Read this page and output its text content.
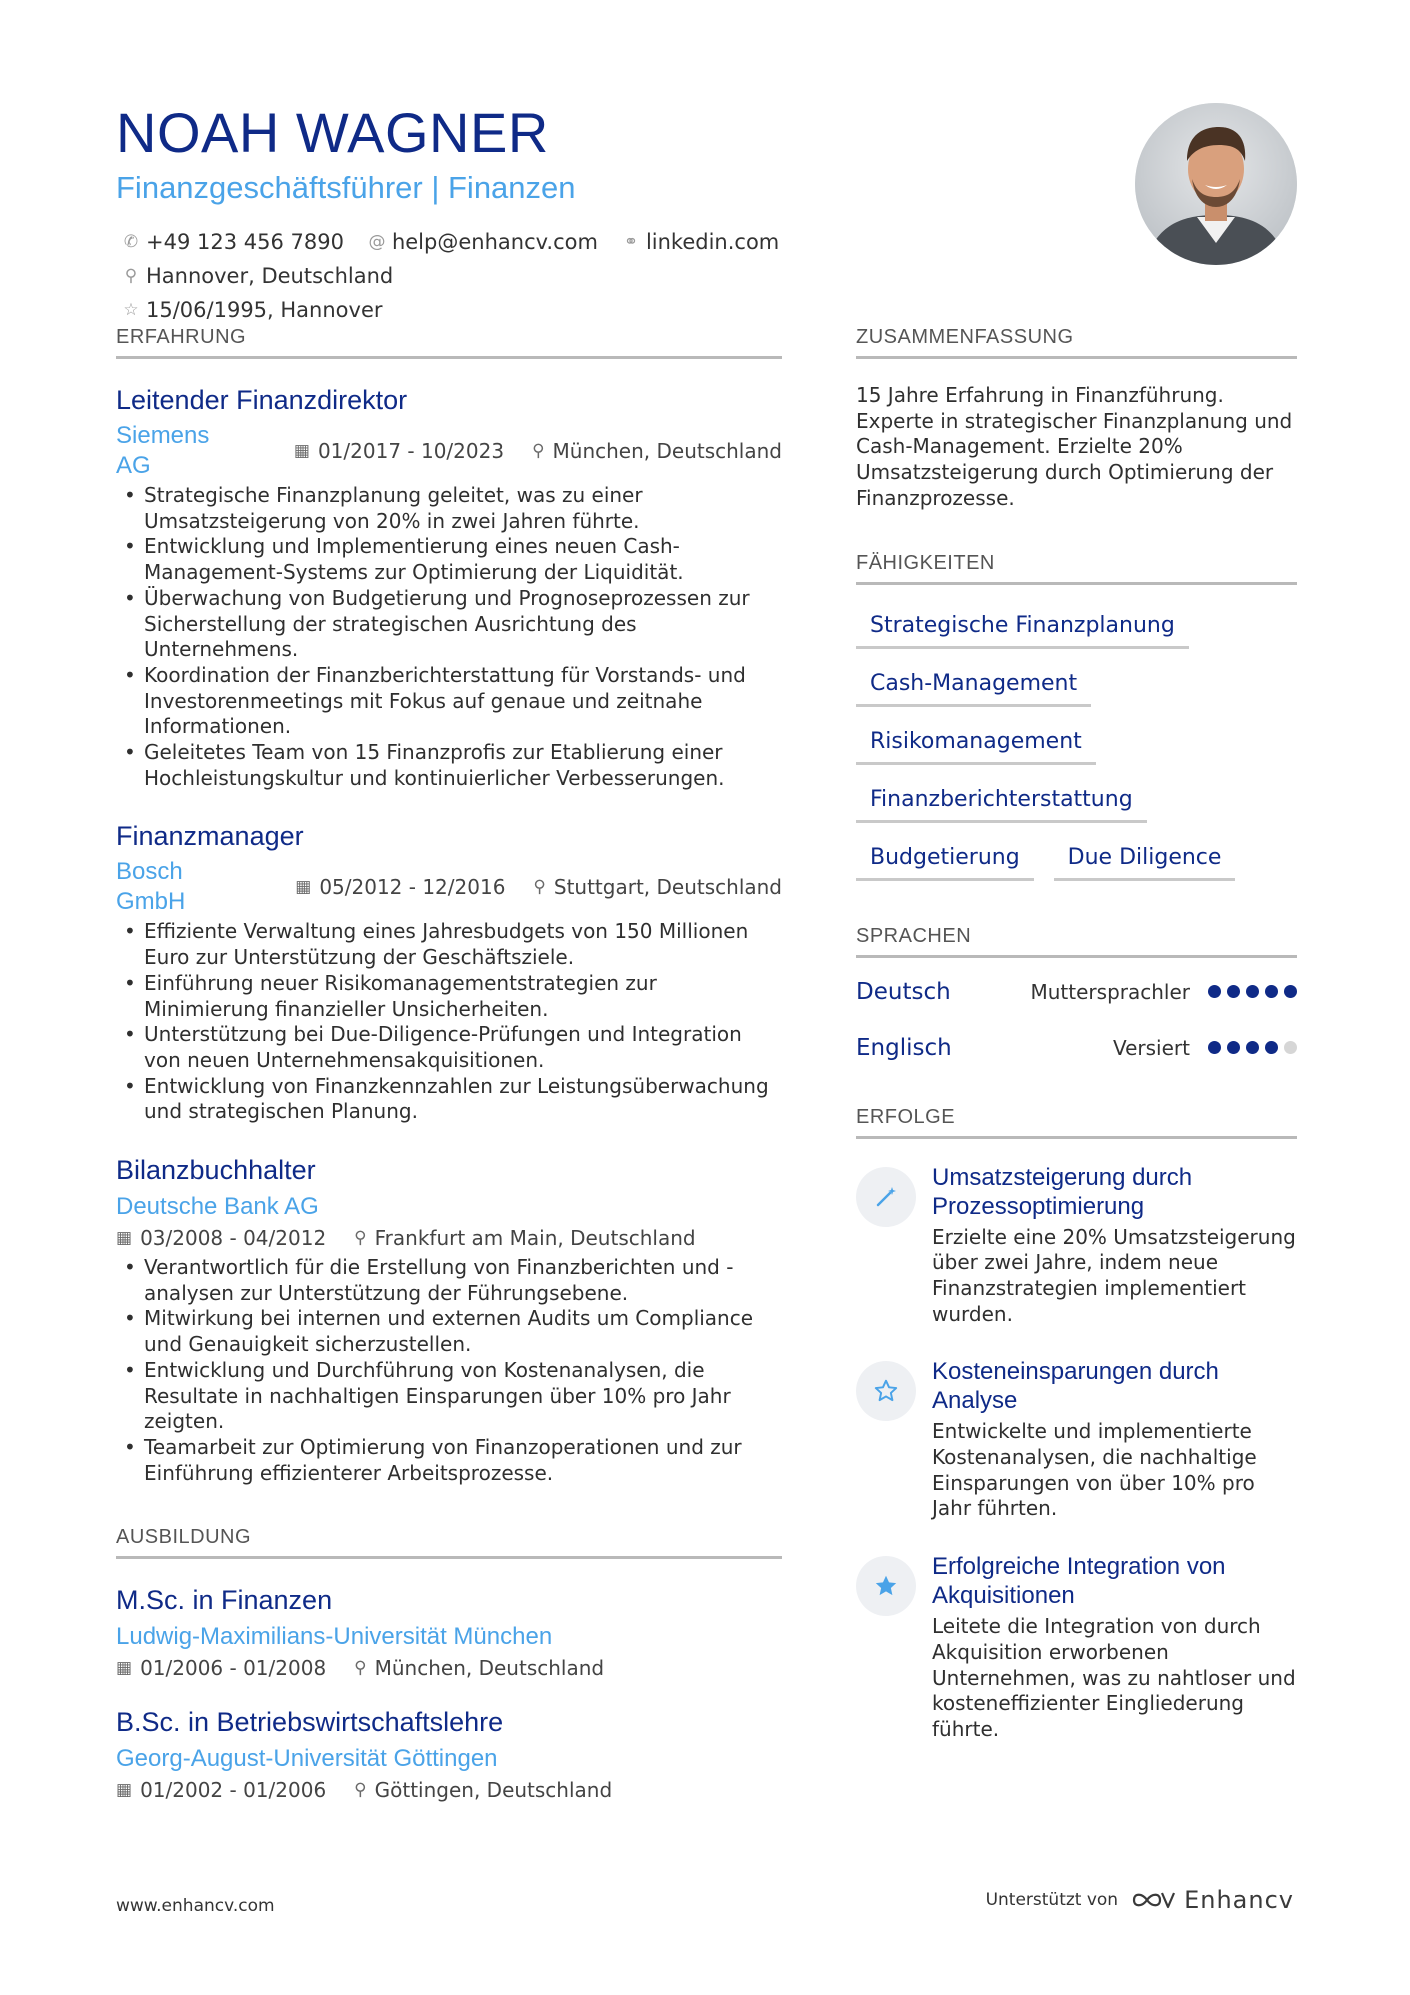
NOAH WAGNER
Finanzgeschäftsführer | Finanzen
✆ +49 123 456 7890 @ help@enhancv.com ⚭ linkedin.com
⚲ Hannover, Deutschland

☆ 15/06/1995, Hannover
ERFAHRUNG
Leitender Finanzdirektor
Siemens AG
▦ 01/2017 - 10/2023 ⚲ München, Deutschland
• Strategische Finanzplanung geleitet, was zu einer Umsatzsteigerung von 20% in zwei Jahren führte.
• Entwicklung und Implementierung eines neuen Cash-Management-Systems zur Optimierung der Liquidität.
• Überwachung von Budgetierung und Prognoseprozessen zur Sicherstellung der strategischen Ausrichtung des Unternehmens.
• Koordination der Finanzberichterstattung für Vorstands- und Investorenmeetings mit Fokus auf genaue und zeitnahe Informationen.
• Geleitetes Team von 15 Finanzprofis zur Etablierung einer Hochleistungskultur und kontinuierlicher Verbesserungen.
Finanzmanager
Bosch GmbH
▦ 05/2012 - 12/2016 ⚲ Stuttgart, Deutschland
• Effiziente Verwaltung eines Jahresbudgets von 150 Millionen Euro zur Unterstützung der Geschäftsziele.
• Einführung neuer Risikomanagementstrategien zur Minimierung finanzieller Unsicherheiten.
• Unterstützung bei Due-Diligence-Prüfungen und Integration von neuen Unternehmensakquisitionen.
• Entwicklung von Finanzkennzahlen zur Leistungsüberwachung und strategischen Planung.
Bilanzbuchhalter
Deutsche Bank AG
▦ 03/2008 - 04/2012 ⚲ Frankfurt am Main, Deutschland
• Verantwortlich für die Erstellung von Finanzberichten und -analysen zur Unterstützung der Führungsebene.
• Mitwirkung bei internen und externen Audits um Compliance und Genauigkeit sicherzustellen.
• Entwicklung und Durchführung von Kostenanalysen, die Resultate in nachhaltigen Einsparungen über 10% pro Jahr zeigten.
• Teamarbeit zur Optimierung von Finanzoperationen und zur Einführung effizienterer Arbeitsprozesse.
AUSBILDUNG
M.Sc. in Finanzen
Ludwig-Maximilians-Universität München
▦ 01/2006 - 01/2008 ⚲ München, Deutschland
B.Sc. in Betriebswirtschaftslehre
Georg-August-Universität Göttingen
▦ 01/2002 - 01/2006 ⚲ Göttingen, Deutschland
ZUSAMMENFASSUNG
15 Jahre Erfahrung in Finanzführung. Experte in strategischer Finanzplanung und Cash-Management. Erzielte 20% Umsatzsteigerung durch Optimierung der Finanzprozesse.
FÄHIGKEITEN
Strategische Finanzplanung
Cash-Management
Risikomanagement
Finanzberichterstattung
Budgetierung	Due Diligence
SPRACHEN
Deutsch	Muttersprachler
Englisch	Versiert
ERFOLGE
Umsatzsteigerung durch Prozessoptimierung
Erzielte eine 20% Umsatzsteigerung über zwei Jahre, indem neue Finanzstrategien implementiert wurden.
Kosteneinsparungen durch Analyse
Entwickelte und implementierte Kostenanalysen, die nachhaltige Einsparungen von über 10% pro Jahr führten.
Erfolgreiche Integration von Akquisitionen
Leitete die Integration von durch Akquisition erworbenen Unternehmen, was zu nahtloser und kosteneffizienter Eingliederung führte.
www.enhancv.com	Unterstützt von	Enhancv
